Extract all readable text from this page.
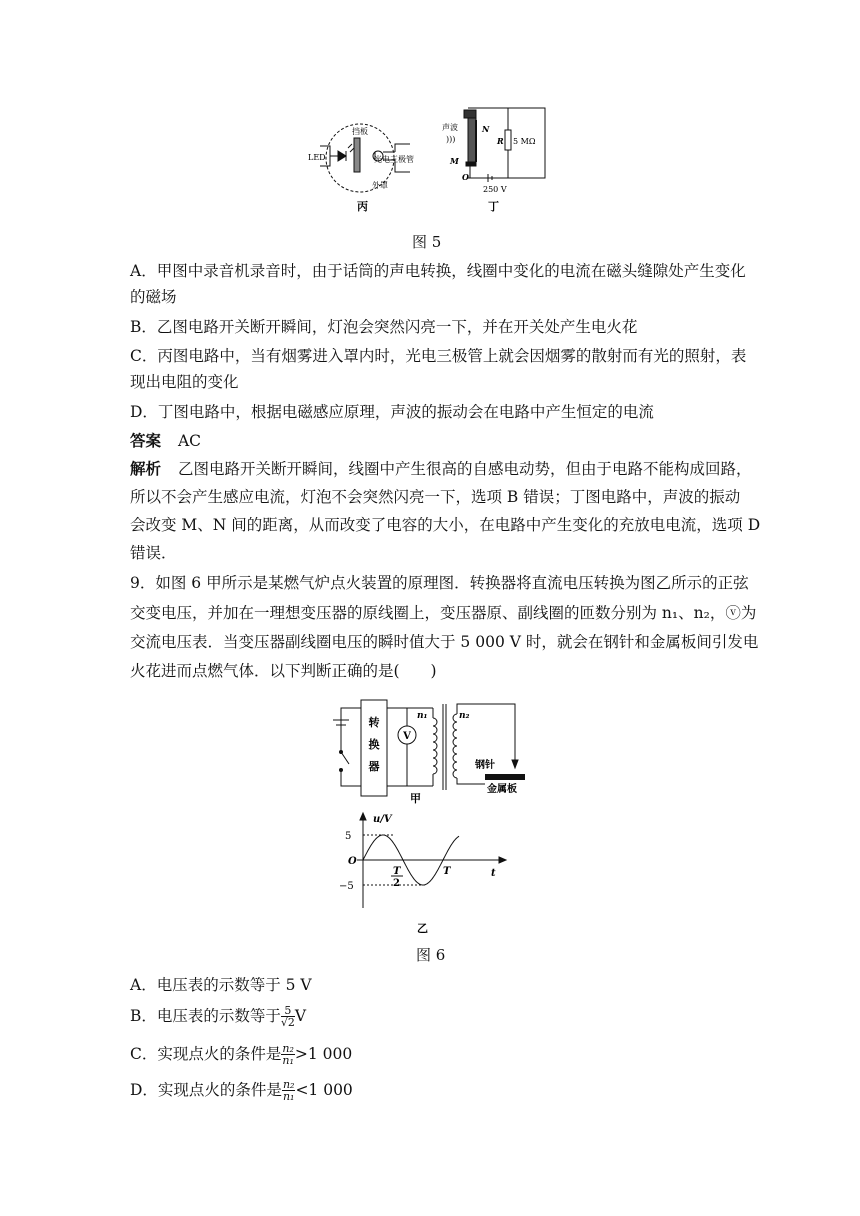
LED
挡板
光电三极管
外罩
丙
声波
)))
N
M
O
R 5 MΩ
250 V
丁
图 5
A．甲图中录音机录音时，由于话筒的声电转换，线圈中变化的电流在磁头缝隙处产生变化
的磁场
B．乙图电路开关断开瞬间，灯泡会突然闪亮一下，并在开关处产生电火花
C．丙图电路中，当有烟雾进入罩内时，光电三极管上就会因烟雾的散射而有光的照射，表
现出电阻的变化
D．丁图电路中，根据电磁感应原理，声波的振动会在电路中产生恒定的电流
答案 AC
解析 乙图电路开关断开瞬间，线圈中产生很高的自感电动势，但由于电路不能构成回路，
所以不会产生感应电流，灯泡不会突然闪亮一下，选项 B 错误；丁图电路中，声波的振动
会改变 M、N 间的距离，从而改变了电容的大小，在电路中产生变化的充放电电流，选项 D
错误．
9．如图 6 甲所示是某燃气炉点火装置的原理图．转换器将直流电压转换为图乙所示的正弦
交变电压，并加在一理想变压器的原线圈上，变压器原、副线圈的匝数分别为 n₁、n₂，ⓥ为
交流电压表．当变压器副线圈电压的瞬时值大于 5 000 V 时，就会在钢针和金属板间引发电
火花进而点燃气体．以下判断正确的是(　　)
转
换
器
V
n₁	n₂
钢针
金属板
甲
u/V
5
−5
O
T
2
T	t
乙
图 6
A．电压表的示数等于 5 V
B．电压表的示数等于 $\frac{5}{√2}$ V
C．实现点火的条件是 $\frac{\text{n₂}}{\text{n₁}} >1$ 000
D．实现点火的条件是 $\frac{\text{n₂}}{\text{n₁}} <1$ 000
